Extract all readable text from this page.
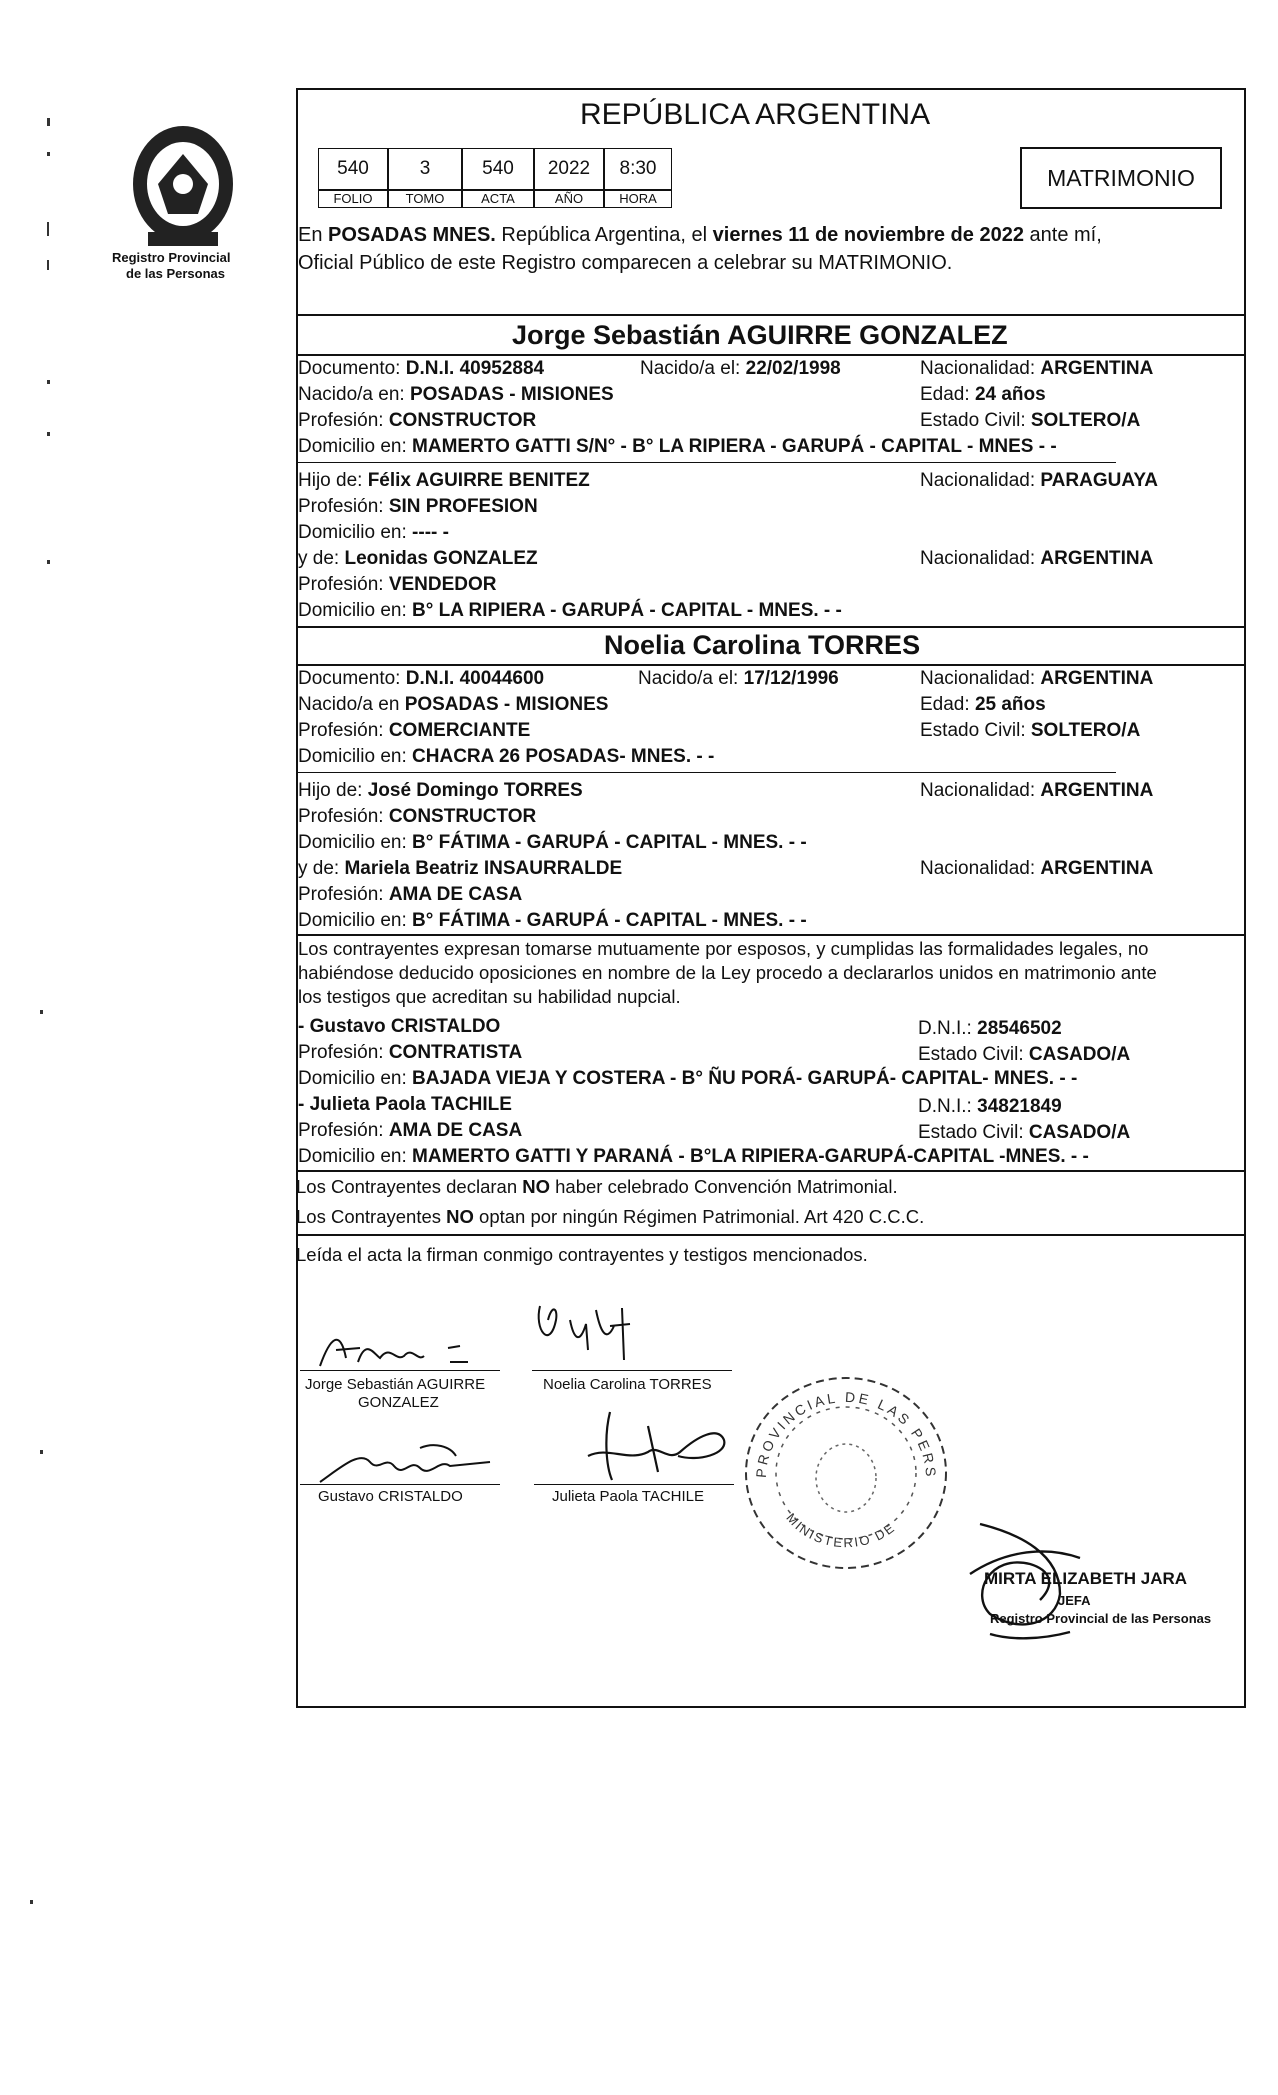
Registro Provincial
de las Personas
REPÚBLICA ARGENTINA
540	3	540	2022	8:30
FOLIO	TOMO	ACTA	AÑO	HORA
MATRIMONIO
En POSADAS MNES. República Argentina, el viernes 11 de noviembre de 2022 ante mí,
Oficial Público de este Registro comparecen a celebrar su MATRIMONIO.
Jorge Sebastián AGUIRRE GONZALEZ
Documento: D.N.I. 40952884	Nacido/a el: 22/02/1998	Nacionalidad: ARGENTINA
Nacido/a en: POSADAS - MISIONES	Edad: 24 años
Profesión: CONSTRUCTOR	Estado Civil: SOLTERO/A
Domicilio en: MAMERTO GATTI S/N° - B° LA RIPIERA - GARUPÁ - CAPITAL - MNES - -
Hijo de: Félix AGUIRRE BENITEZ	Nacionalidad: PARAGUAYA
Profesión: SIN PROFESION
Domicilio en: ---- -
y de: Leonidas GONZALEZ	Nacionalidad: ARGENTINA
Profesión: VENDEDOR
Domicilio en: B° LA RIPIERA - GARUPÁ - CAPITAL - MNES. - -
Noelia Carolina TORRES
Documento: D.N.I. 40044600	Nacido/a el: 17/12/1996	Nacionalidad: ARGENTINA
Nacido/a en POSADAS - MISIONES	Edad: 25 años
Profesión: COMERCIANTE	Estado Civil: SOLTERO/A
Domicilio en: CHACRA 26 POSADAS- MNES. - -
Hijo de: José Domingo TORRES	Nacionalidad: ARGENTINA
Profesión: CONSTRUCTOR
Domicilio en: B° FÁTIMA - GARUPÁ - CAPITAL - MNES. - -
y de: Mariela Beatriz INSAURRALDE	Nacionalidad: ARGENTINA
Profesión: AMA DE CASA
Domicilio en: B° FÁTIMA - GARUPÁ - CAPITAL - MNES. - -
Los contrayentes expresan tomarse mutuamente por esposos, y cumplidas las formalidades legales, no
habiéndose deducido oposiciones en nombre de la Ley procedo a declararlos unidos en matrimonio ante
los testigos que acreditan su habilidad nupcial.
- Gustavo CRISTALDO	D.N.I.: 28546502
Profesión: CONTRATISTA	Estado Civil: CASADO/A
Domicilio en: BAJADA VIEJA Y COSTERA - B° ÑU PORÁ- GARUPÁ- CAPITAL- MNES. - -
- Julieta Paola TACHILE	D.N.I.: 34821849
Profesión: AMA DE CASA	Estado Civil: CASADO/A
Domicilio en: MAMERTO GATTI Y PARANÁ - B°LA RIPIERA-GARUPÁ-CAPITAL -MNES. - -
Los Contrayentes declaran NO haber celebrado Convención Matrimonial.
Los Contrayentes NO optan por ningún Régimen Patrimonial. Art 420 C.C.C.
Leída el acta la firman conmigo contrayentes y testigos mencionados.
Jorge Sebastián AGUIRRE
GONZALEZ
Noelia Carolina TORRES
Gustavo CRISTALDO	Julieta Paola TACHILE
PROVINCIAL DE LAS PERS
MINISTERIO DE
MIRTA ELIZABETH JARA
JEFA
Registro Provincial de las Personas
